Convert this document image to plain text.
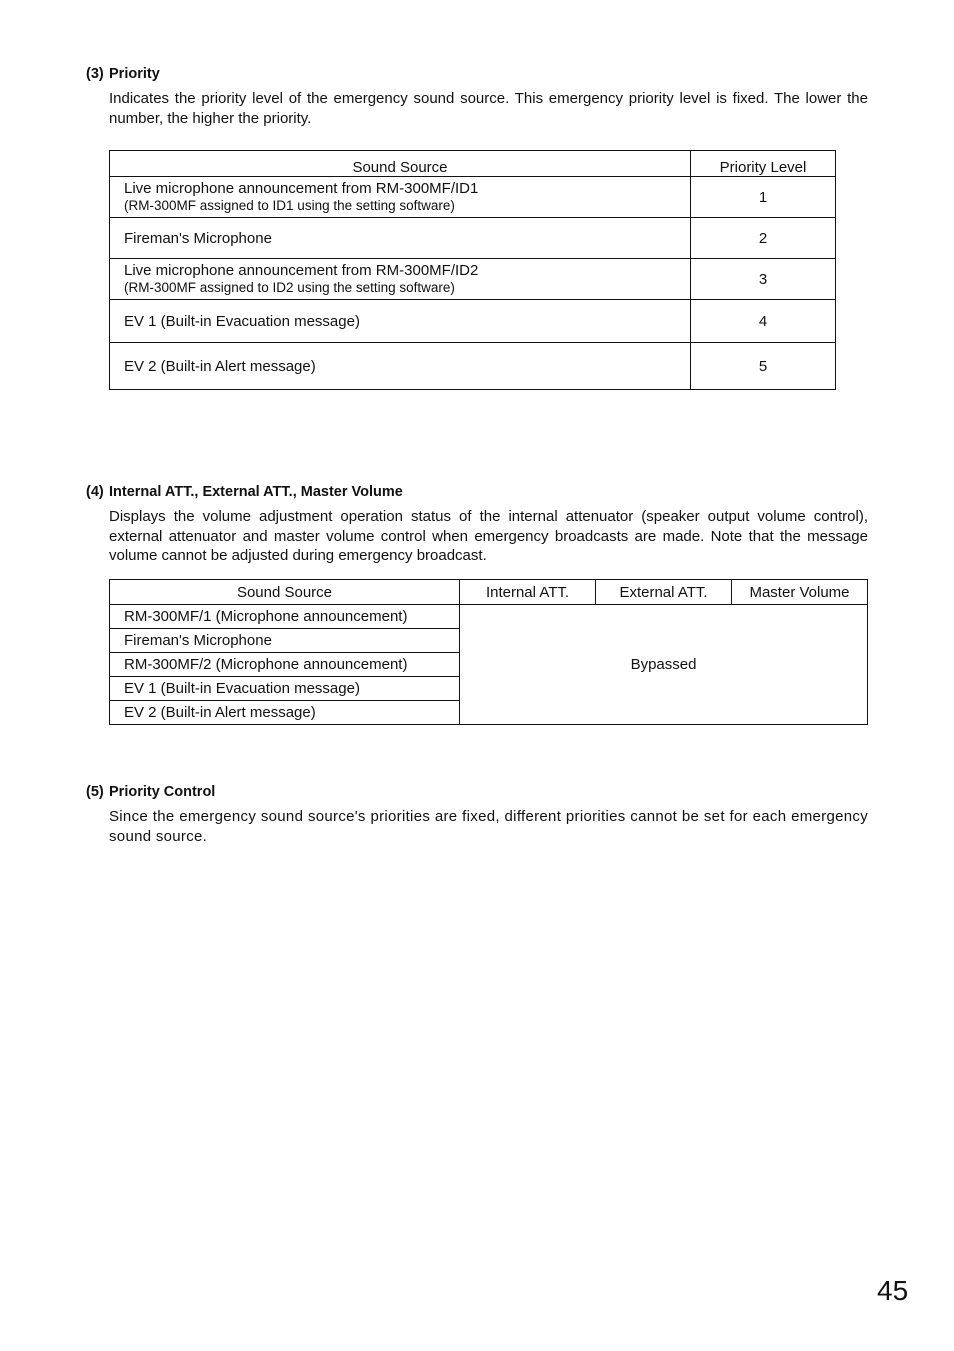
(3) Priority
Indicates the priority level of the emergency sound source. This emergency priority level is fixed. The lower the number, the higher the priority.
Sound Source	Priority Level

Live microphone announcement from RM-300MF/ID1
(RM-300MF assigned to ID1 using the setting software)	1

Fireman's Microphone	2

Live microphone announcement from RM-300MF/ID2
(RM-300MF assigned to ID2 using the setting software)	3

EV 1 (Built-in Evacuation message)	4

EV 2 (Built-in Alert message)	5
(4) Internal ATT., External ATT., Master Volume
Displays the volume adjustment operation status of the internal attenuator (speaker output volume control), external attenuator and master volume control when emergency broadcasts are made. Note that the message volume cannot be adjusted during emergency broadcast.
Sound Source	Internal ATT.	External ATT.	Master Volume
RM-300MF/1 (Microphone announcement)	Bypassed		
Fireman's Microphone			
RM-300MF/2 (Microphone announcement)			
EV 1 (Built-in Evacuation message)			
EV 2 (Built-in Alert message)			
(5) Priority Control
Since the emergency sound source's priorities are fixed, different priorities cannot be set for each emergency sound source.
45
